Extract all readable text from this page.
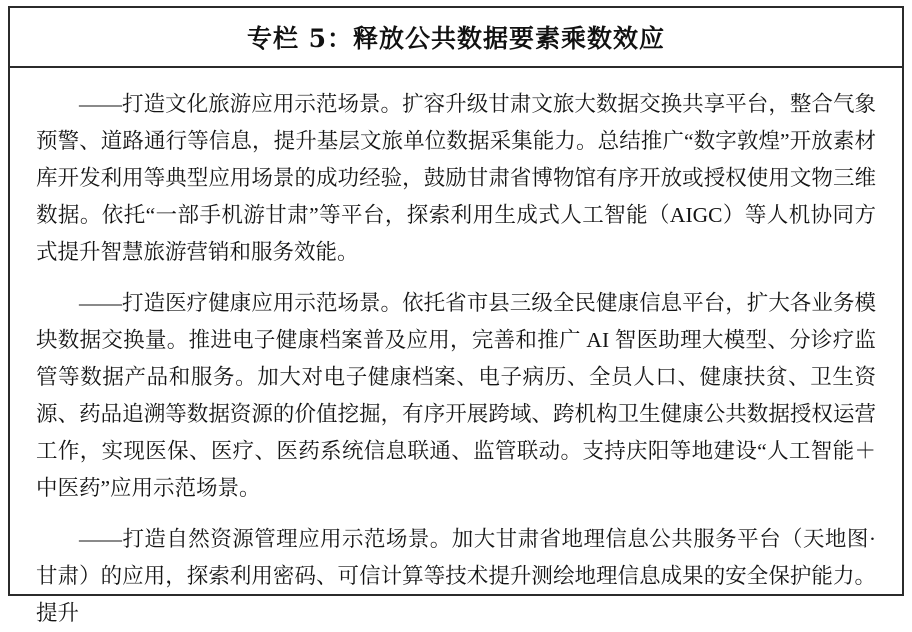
专栏 5：释放公共数据要素乘数效应

——打造文化旅游应用示范场景。扩容升级甘肃文旅大数据交换共享平台，整合气象预警、道路通行等信息，提升基层文旅单位数据采集能力。总结推广“数字敦煌”开放素材库开发利用等典型应用场景的成功经验，鼓励甘肃省博物馆有序开放或授权使用文物三维数据。依托“一部手机游甘肃”等平台，探索利用生成式人工智能（AIGC）等人机协同方式提升智慧旅游营销和服务效能。

——打造医疗健康应用示范场景。依托省市县三级全民健康信息平台，扩大各业务模块数据交换量。推进电子健康档案普及应用，完善和推广 AI 智医助理大模型、分诊疗监管等数据产品和服务。加大对电子健康档案、电子病历、全员人口、健康扶贫、卫生资源、药品追溯等数据资源的价值挖掘，有序开展跨域、跨机构卫生健康公共数据授权运营工作，实现医保、医疗、医药系统信息联通、监管联动。支持庆阳等地建设“人工智能＋中医药”应用示范场景。

——打造自然资源管理应用示范场景。加大甘肃省地理信息公共服务平台（天地图·甘肃）的应用，探索利用密码、可信计算等技术提升测绘地理信息成果的安全保护能力。提升
